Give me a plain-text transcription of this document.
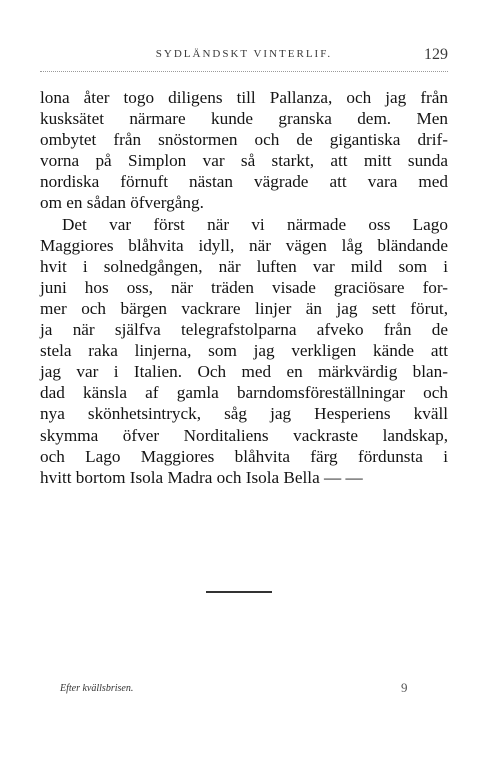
SYDLÄNDSKT VINTERLIF.	129
lona åter togo diligens till Pallanza, och jag från
kusksätet närmare kunde granska dem. Men
ombytet från snöstormen och de gigantiska drif-
vorna på Simplon var så starkt, att mitt sunda
nordiska förnuft nästan vägrade att vara med
om en sådan öfvergång.
Det var först när vi närmade oss Lago
Maggiores blåhvita idyll, när vägen låg bländande
hvit i solnedgången, när luften var mild som i
juni hos oss, när träden visade graciösare for-
mer och bärgen vackrare linjer än jag sett förut,
ja när själfva telegrafstolparna afveko från de
stela raka linjerna, som jag verkligen kände att
jag var i Italien. Och med en märkvärdig blan-
dad känsla af gamla barndomsföreställningar och
nya skönhetsintryck, såg jag Hesperiens kväll
skymma öfver Norditaliens vackraste landskap,
och Lago Maggiores blåhvita färg fördunsta i
hvitt bortom Isola Madra och Isola Bella — —
Efter kvällsbrisen.	9
